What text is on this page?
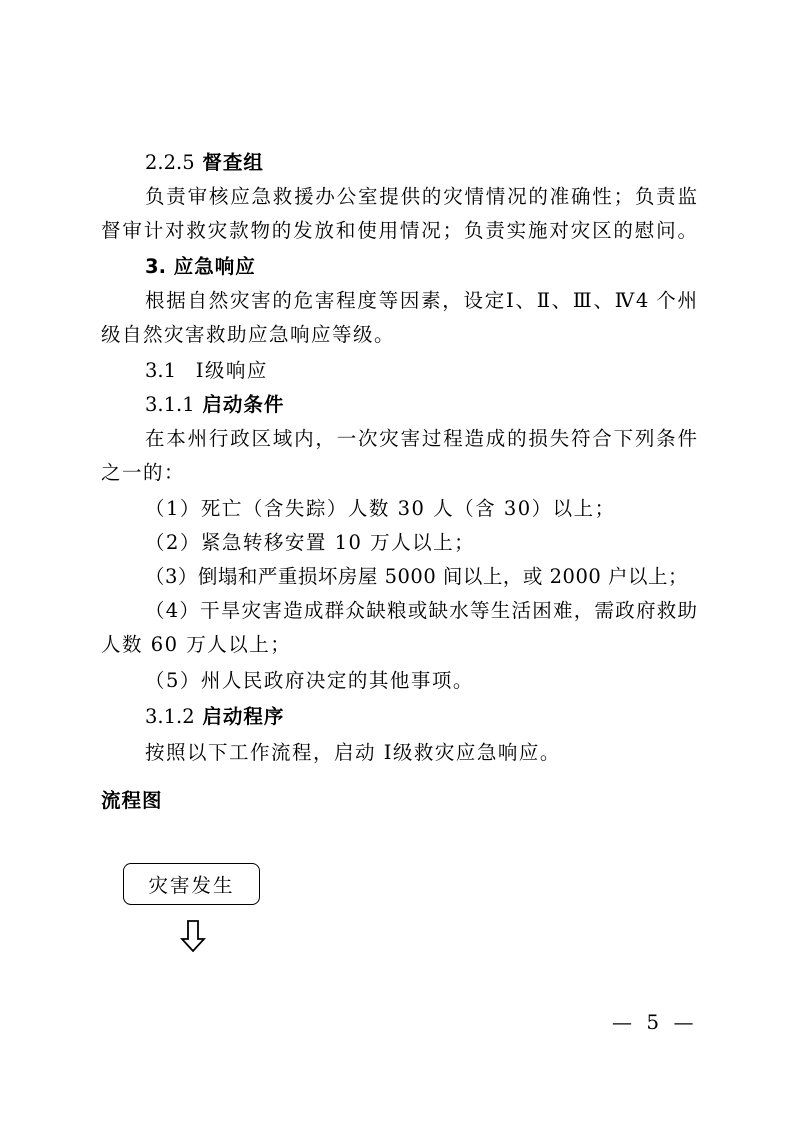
2.2.5 督查组
负责审核应急救援办公室提供的灾情情况的准确性；负责监
督审计对救灾款物的发放和使用情况；负责实施对灾区的慰问。
3. 应急响应
根据自然灾害的危害程度等因素，设定Ⅰ、Ⅱ、Ⅲ、Ⅳ4 个州
级自然灾害救助应急响应等级。
3.1 Ⅰ级响应
3.1.1 启动条件
在本州行政区域内，一次灾害过程造成的损失符合下列条件
之一的：
（1）死亡（含失踪）人数 30 人（含 30）以上；
（2）紧急转移安置 10 万人以上；
（3）倒塌和严重损坏房屋 5000 间以上，或 2000 户以上；
（4）干旱灾害造成群众缺粮或缺水等生活困难，需政府救助
人数 60 万人以上；
（5）州人民政府决定的其他事项。
3.1.2 启动程序
按照以下工作流程，启动 Ⅰ级救灾应急响应。
流程图
灾害发生
— 5 —
